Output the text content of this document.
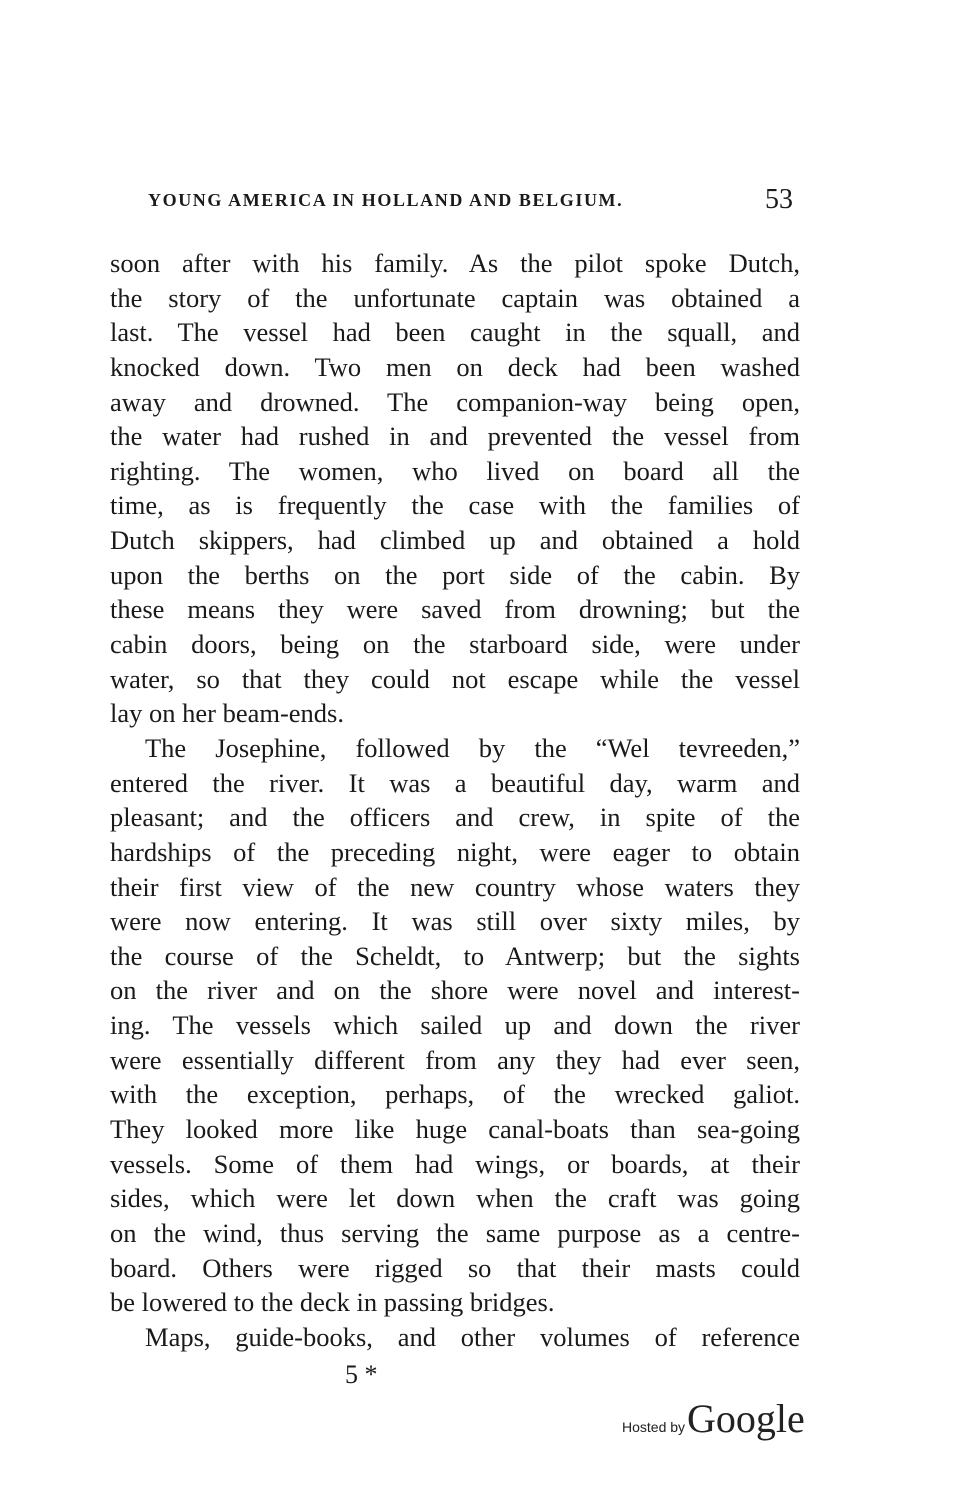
YOUNG AMERICA IN HOLLAND AND BELGIUM.	53
soon after with his family. As the pilot spoke Dutch,
the story of the unfortunate captain was obtained a
last. The vessel had been caught in the squall, and
knocked down. Two men on deck had been washed
away and drowned. The companion-way being open,
the water had rushed in and prevented the vessel from
righting. The women, who lived on board all the
time, as is frequently the case with the families of
Dutch skippers, had climbed up and obtained a hold
upon the berths on the port side of the cabin. By
these means they were saved from drowning; but the
cabin doors, being on the starboard side, were under
water, so that they could not escape while the vessel
lay on her beam-ends.
The Josephine, followed by the “Wel tevreeden,”
entered the river. It was a beautiful day, warm and
pleasant; and the officers and crew, in spite of the
hardships of the preceding night, were eager to obtain
their first view of the new country whose waters they
were now entering. It was still over sixty miles, by
the course of the Scheldt, to Antwerp; but the sights
on the river and on the shore were novel and interest-
ing. The vessels which sailed up and down the river
were essentially different from any they had ever seen,
with the exception, perhaps, of the wrecked galiot.
They looked more like huge canal-boats than sea-going
vessels. Some of them had wings, or boards, at their
sides, which were let down when the craft was going
on the wind, thus serving the same purpose as a centre-
board. Others were rigged so that their masts could
be lowered to the deck in passing bridges.
Maps, guide-books, and other volumes of reference
5 *
Hosted by Google
